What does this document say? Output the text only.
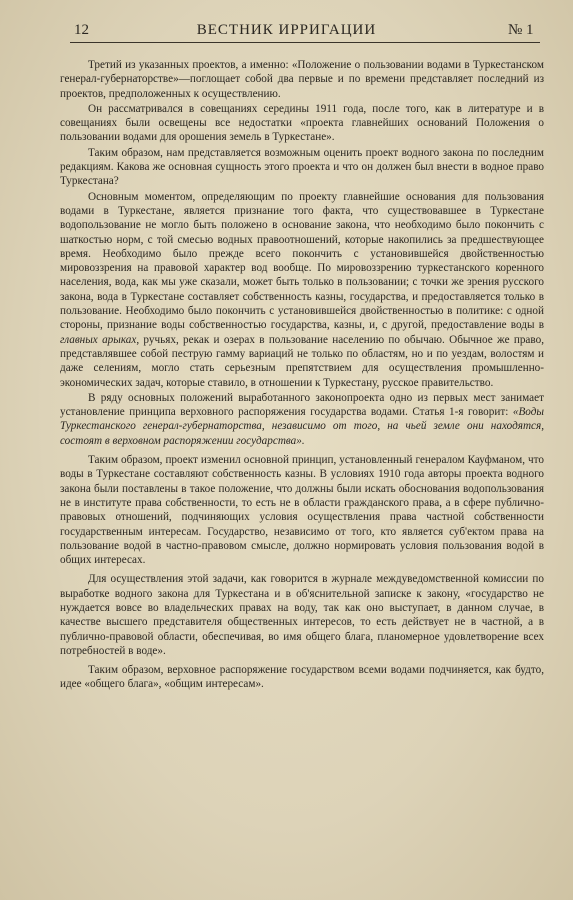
12	ВЕСТНИК ИРРИГАЦИИ	№ 1

Третий из указанных проектов, а именно: «Положение о пользовании водами в Туркестанском генерал-губернаторстве»—поглощает собой два первые и по времени представляет последний из проектов, предположенных к осуществлению.

Он рассматривался в совещаниях середины 1911 года, после того, как в литературе и в совещаниях были освещены все недостатки «проекта главнейших оснований Положения о пользовании водами для орошения земель в Туркестане».

Таким образом, нам представляется возможным оценить проект водного закона по последним редакциям. Какова же основная сущность этого проекта и что он должен был внести в водное право Туркестана?

Основным моментом, определяющим по проекту главнейшие основания для пользования водами в Туркестане, является признание того факта, что существовавшее в Туркестане водопользование не могло быть положено в основание закона, что необходимо было покончить с шаткостью норм, с той смесью водных правоотношений, которые накопились за предшествующее время. Необходимо было прежде всего покончить с установившейся двойственностью мировоззрения на правовой характер вод вообще. По мировоззрению туркестанского коренного населения, вода, как мы уже сказали, может быть только в пользовании; с точки же зрения русского закона, вода в Туркестане составляет собственность казны, государства, и предоставляется только в пользование. Необходимо было покончить с установившейся двойственностью в политике: с одной стороны, признание воды собственностью государства, казны, и, с другой, предоставление воды в главных арыках, ручьях, рекак и озерах в пользование населению по обычаю. Обычное же право, представлявшее собой пеструю гамму вариаций не только по областям, но и по уездам, волостям и даже селениям, могло стать серьезным препятствием для осуществления промышленно-экономических задач, которые ставило, в отношении к Туркестану, русское правительство.

В ряду основных положений выработанного законопроекта одно из первых мест занимает установление принципа верховного распоряжения государства водами. Статья 1-я говорит: «Воды Туркестанского генерал-губернаторства, независимо от того, на чьей земле они находятся, состоят в верховном распоряжении государства».

Таким образом, проект изменил основной принцип, установленный генералом Кауфманом, что воды в Туркестане составляют собственность казны. В условиях 1910 года авторы проекта водного закона были поставлены в такое положение, что должны были искать обоснования водопользования не в институте права собственности, то есть не в области гражданского права, а в сфере публично-правовых отношений, подчиняющих условия осуществления права частной собственности государственным интересам. Государство, независимо от того, кто является суб'ектом права на пользование водой в частно-правовом смысле, должно нормировать условия пользования водой в общих интересах.

Для осуществления этой задачи, как говорится в журнале междуведомственной комиссии по выработке водного закона для Туркестана и в об'яснительной записке к закону, «государство не нуждается вовсе во владельческих правах на воду, так как оно выступает, в данном случае, в качестве высшего представителя общественных интересов, то есть действует не в частной, а в публично-правовой области, обеспечивая, во имя общего блага, планомерное удовлетворение всех потребностей в воде».

Таким образом, верховное распоряжение государством всеми водами подчиняется, как будто, идее «общего блага», «общим интересам».
